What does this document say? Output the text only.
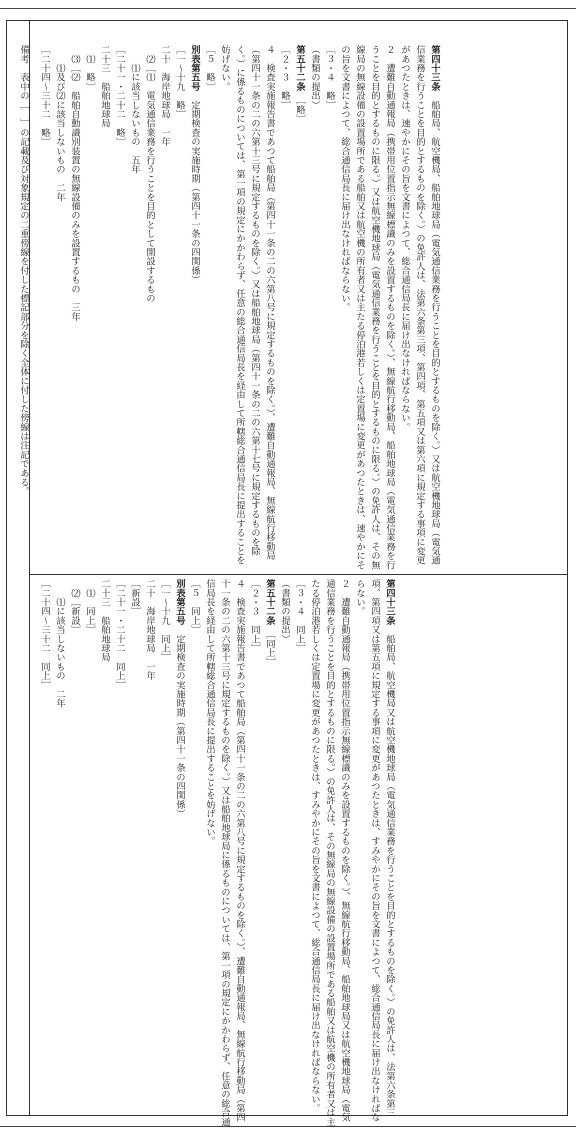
備考　表中の［　］の記載及び対象規定の二重傍線を付した標記部分を除く全体に付した傍線は注記である。	第四十三条　船舶局、航空機局、船舶地球局（電気通信業務を行うことを目的とするものを除く。）又は航空機地球局（電気通信業務を行うことを目的とするものを除く。）の免許人は、法第六条第三項、第四項、第五項又は第六項に規定する事項に変更があつたときは、速やかにその旨を文書によつて、総合通信局長に届け出なければならない。
２　遭難自動通報局（携帯用位置指示無線標識のみを設置するものを除く。）、無線航行移動局、船舶地球局（電気通信業務を行うことを目的とするものに限る。）又は航空機地球局（電気通信業務を行うことを目的とするものに限る。）の免許人は、その無線局の無線設備の設置場所である船舶又は航空機の所有者又は主たる停泊港若しくは定置場に変更があつたときは、速やかにその旨を文書によつて、総合通信局長に届け出なければならない。
［３・４　略］
（書類の提出）
第五十二条　［略］
［２・３　略］
４　検査実施報告書であつて船舶局（第四十一条の二の六第八号に規定するものを除く。）、遭難自動通報局、無線航行移動局（第四十一条の二の六第十三号に規定するものを除く。）又は船舶地球局（第四十一条の二の六第十七号に規定するものを除く。）に係るものについては、第一項の規定にかかわらず、任意の総合通信局長を経由して所轄総合通信局長に提出することを妨げない。
［５　略］
別表第五号　定期検査の実施時期（第四十一条の四関係）
［一～十九　略］
二十　海岸地球局　一年
　⑵［⑴　電気通信業務を行うことを目的として開設するもの
　　⑴に該当しないもの　五年
［二十一・二十二　略］
二十三　船舶地球局
　⑴　略］
　⑶［⑵　船舶自動識別装置の無線設備のみを設置するもの　三年
　　⑴及び⑵に該当しないもの　二年
［二十四～三十二　略］
第四十三条　船舶局、航空機局又は航空機地球局（電気通信業務を行うことを目的とするものを除く。）の免許人は、法第六条第三項、第四項又は第五項に規定する事項に変更があつたときは、すみやかにその旨を文書によつて、総合通信局長に届け出なければならない。
２　遭難自動通報局（携帯用位置指示無線標識のみを設置するものを除く。）、無線航行移動局、船舶地球局又は航空機地球局（電気通信業務を行うことを目的とするものに限る。）の免許人は、その無線局の無線設備の設置場所である船舶又は航空機の所有者又は主たる停泊港若しくは定置場に変更があつたときは、すみやかにその旨を文書によつて、総合通信局長に届け出なければならない。
［３・４　同上］
（書類の提出）
第五十二条　［同上］
［２・３　同上］
４　検査実施報告書であつて船舶局（第四十一条の二の六第八号に規定するものを除く。）、遭難自動通報局、無線航行移動局（第四十一条の二の六第十三号に規定するものを除く。）又は船舶地球局に係るものについては、第一項の規定にかかわらず、任意の総合通信局長を経由して所轄総合通信局長に提出することを妨げない。
［５　同上］
別表第五号　定期検査の実施時期（第四十一条の四関係）
［一～十九　同上］
二十　海岸地球局　一年
［新設］
［二十一・二十二　同上］
二十三　船舶地球局
　⑴　同上］
　⑵［新設］
　　⑴に該当しないもの　二年
［二十四～三十二　同上］
